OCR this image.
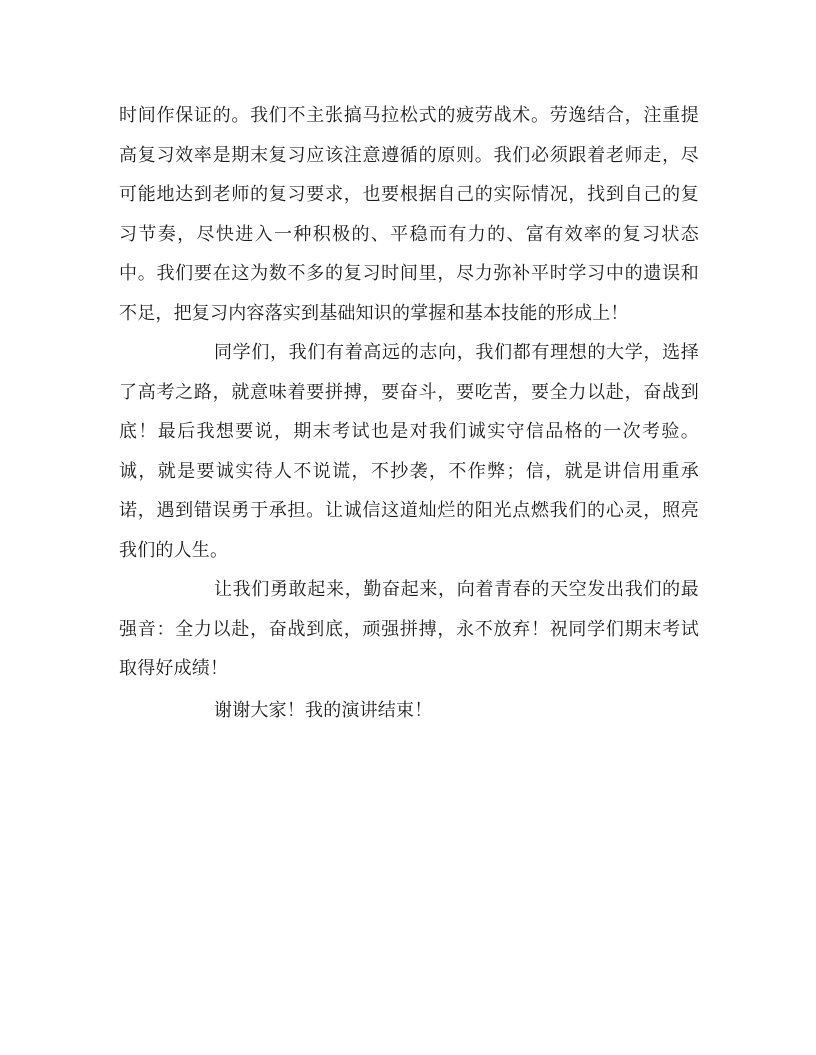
时间作保证的。我们不主张搞马拉松式的疲劳战术。劳逸结合，注重提高复习效率是期末复习应该注意遵循的原则。我们必须跟着老师走，尽可能地达到老师的复习要求，也要根据自己的实际情况，找到自己的复习节奏，尽快进入一种积极的、平稳而有力的、富有效率的复习状态中。我们要在这为数不多的复习时间里，尽力弥补平时学习中的遗误和不足，把复习内容落实到基础知识的掌握和基本技能的形成上！

同学们，我们有着高远的志向，我们都有理想的大学，选择了高考之路，就意味着要拼搏，要奋斗，要吃苦，要全力以赴，奋战到底！最后我想要说，期末考试也是对我们诚实守信品格的一次考验。诚，就是要诚实待人不说谎，不抄袭，不作弊；信，就是讲信用重承诺，遇到错误勇于承担。让诚信这道灿烂的阳光点燃我们的心灵，照亮我们的人生。

让我们勇敢起来，勤奋起来，向着青春的天空发出我们的最强音：全力以赴，奋战到底，顽强拼搏，永不放弃！祝同学们期末考试取得好成绩！

谢谢大家！我的演讲结束！
